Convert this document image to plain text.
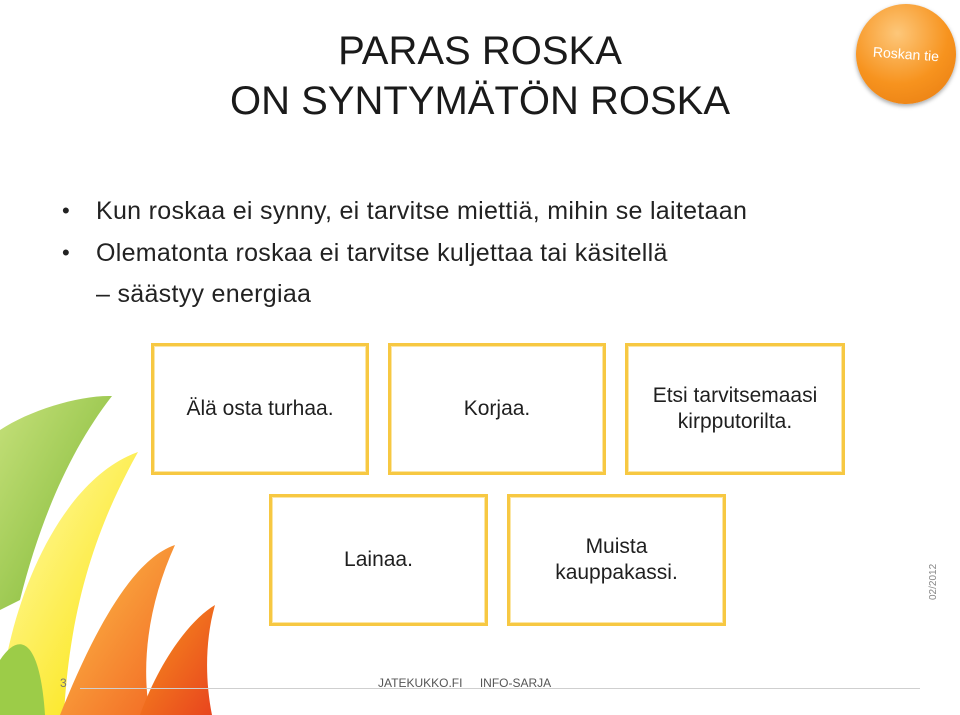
PARAS ROSKA
ON SYNTYMÄTÖN ROSKA
Roskan tie
• Kun roskaa ei synny, ei tarvitse miettiä, mihin se laitetaan
• Olematonta roskaa ei tarvitse kuljettaa tai käsitellä
– säästyy energiaa
Älä osta turhaa.	Korjaa.
Etsi tarvitsemaasi kirpputorilta.
Lainaa.
Muista kauppakassi.
3	JATEKUKKO.FI INFO-SARJA
02/2012
